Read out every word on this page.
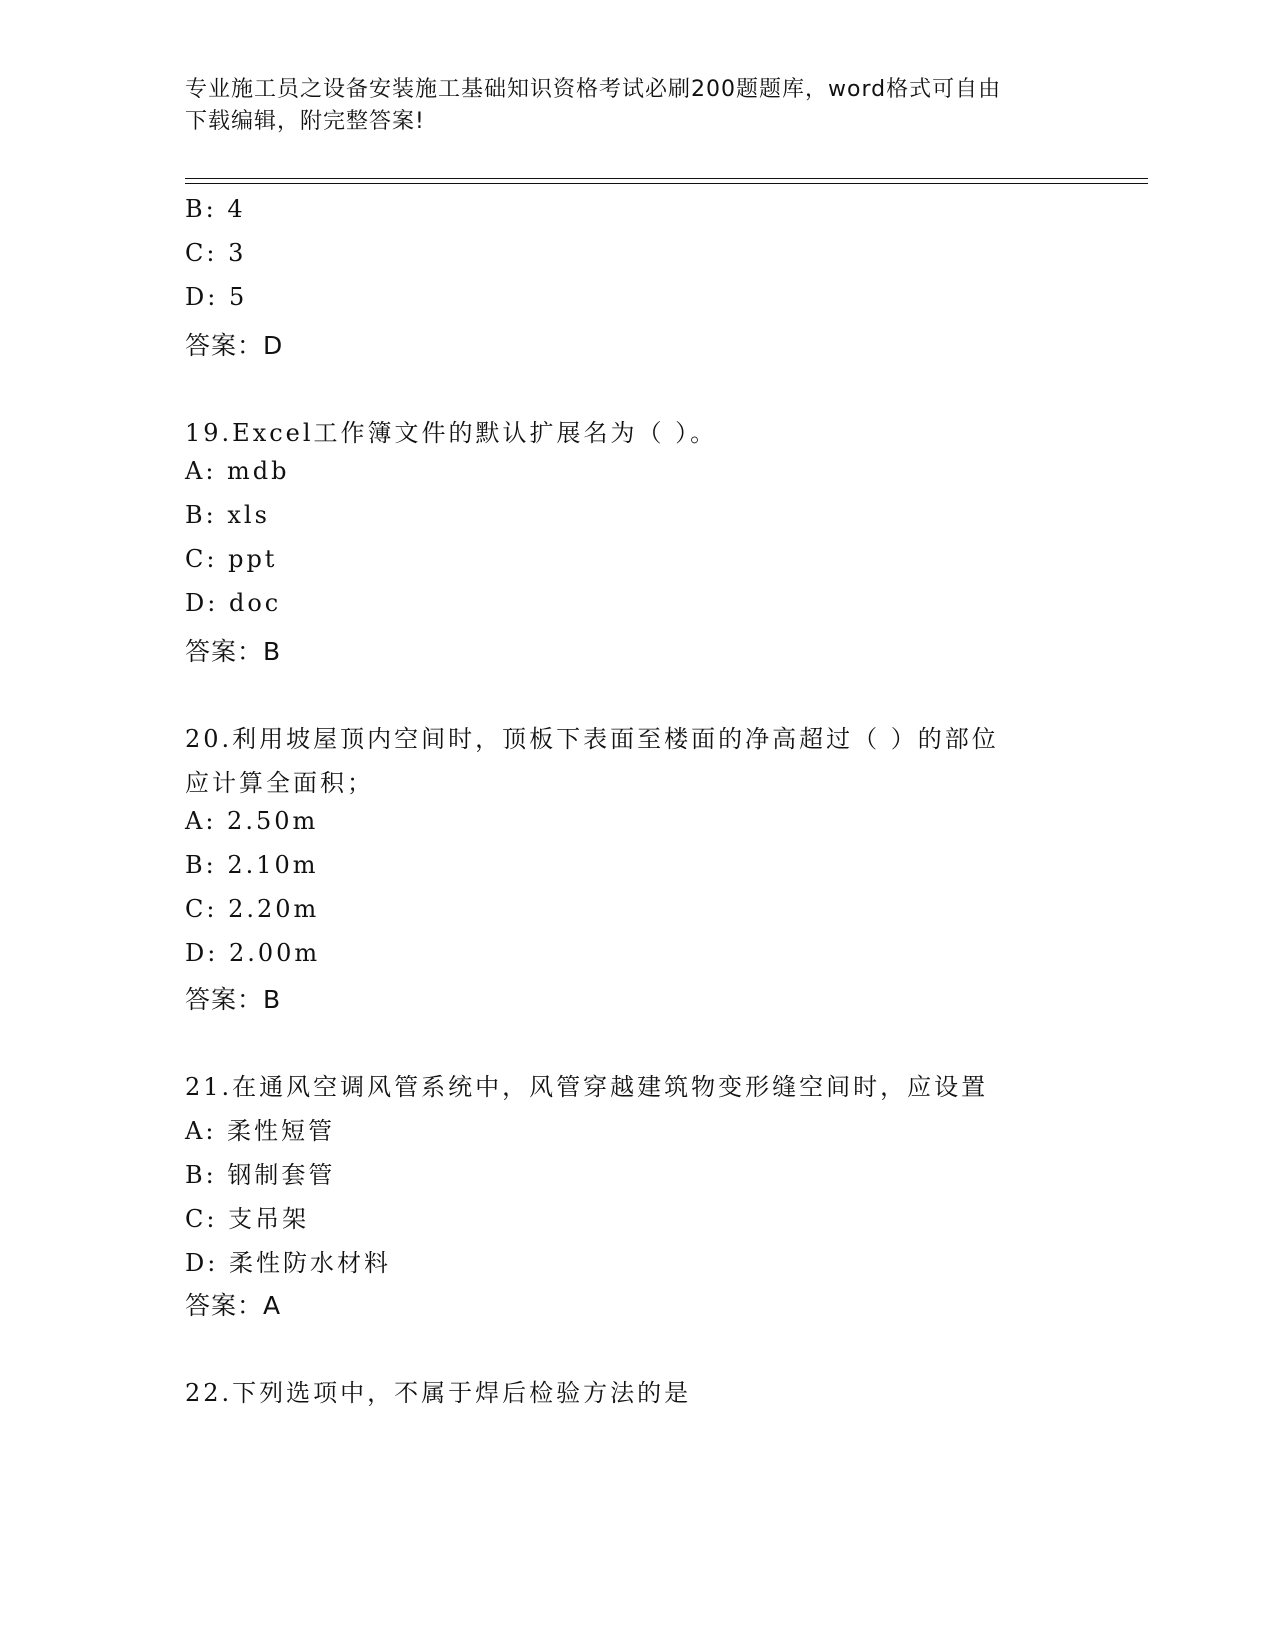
专业施工员之设备安装施工基础知识资格考试必刷200题题库，word格式可自由
下载编辑，附完整答案!
B: 4
C: 3
D: 5
答案：D
19.Excel工作簿文件的默认扩展名为（ ）。
A: mdb
B: xls
C: ppt
D: doc
答案：B
20.利用坡屋顶内空间时，顶板下表面至楼面的净高超过（ ）的部位
应计算全面积；
A: 2.50m
B: 2.10m
C: 2.20m
D: 2.00m
答案：B
21.在通风空调风管系统中，风管穿越建筑物变形缝空间时，应设置
A: 柔性短管
B: 钢制套管
C: 支吊架
D: 柔性防水材料
答案：A
22.下列选项中，不属于焊后检验方法的是
